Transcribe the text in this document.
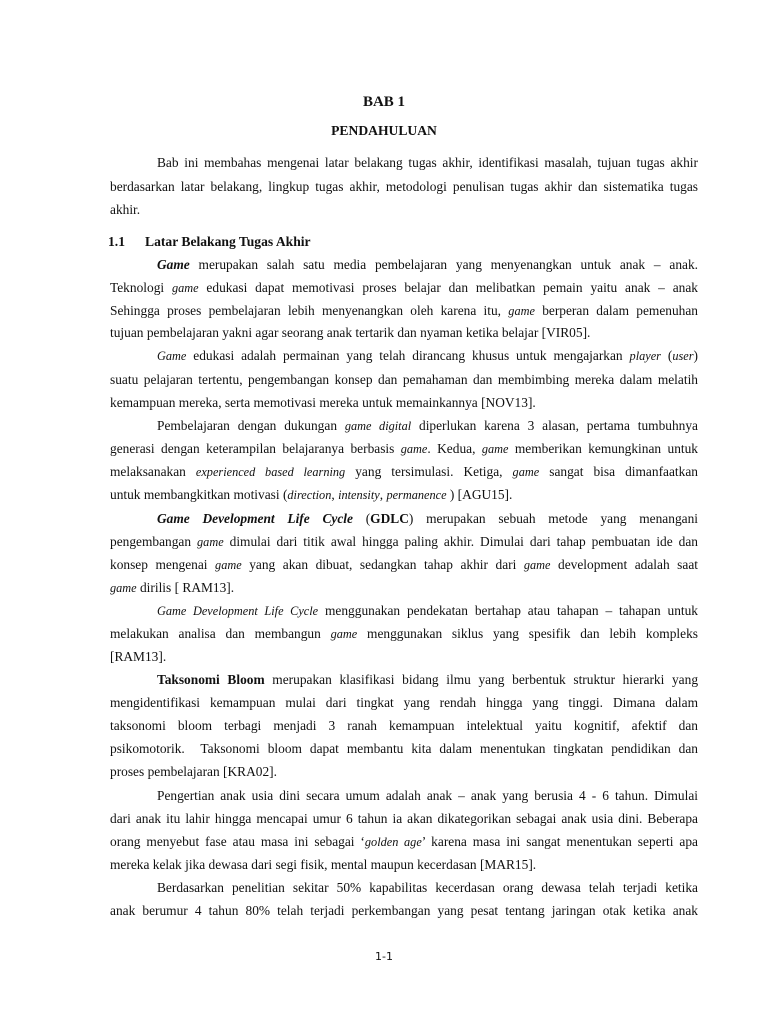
BAB 1
PENDAHULUAN
Bab ini membahas mengenai latar belakang tugas akhir, identifikasi masalah, tujuan tugas akhir
berdasarkan latar belakang, lingkup tugas akhir, metodologi penulisan tugas akhir dan sistematika tugas
akhir.
1.1 Latar Belakang Tugas Akhir
Game merupakan salah satu media pembelajaran yang menyenangkan untuk anak – anak.
Teknologi game edukasi dapat memotivasi proses belajar dan melibatkan pemain yaitu anak – anak
Sehingga proses pembelajaran lebih menyenangkan oleh karena itu, game berperan dalam pemenuhan
tujuan pembelajaran yakni agar seorang anak tertarik dan nyaman ketika belajar [VIR05].
Game edukasi adalah permainan yang telah dirancang khusus untuk mengajarkan player (user)
suatu pelajaran tertentu, pengembangan konsep dan pemahaman dan membimbing mereka dalam melatih
kemampuan mereka, serta memotivasi mereka untuk memainkannya [NOV13].
Pembelajaran dengan dukungan game digital diperlukan karena 3 alasan, pertama tumbuhnya
generasi dengan keterampilan belajaranya berbasis game. Kedua, game memberikan kemungkinan untuk
melaksanakan experienced based learning yang tersimulasi. Ketiga, game sangat bisa dimanfaatkan
untuk membangkitkan motivasi (direction, intensity, permanence ) [AGU15].
Game Development Life Cycle (GDLC) merupakan sebuah metode yang menangani
pengembangan game dimulai dari titik awal hingga paling akhir. Dimulai dari tahap pembuatan ide dan
konsep mengenai game yang akan dibuat, sedangkan tahap akhir dari game development adalah saat
game dirilis [ RAM13].
Game Development Life Cycle menggunakan pendekatan bertahap atau tahapan – tahapan untuk
melakukan analisa dan membangun game menggunakan siklus yang spesifik dan lebih kompleks
[RAM13].
Taksonomi Bloom merupakan klasifikasi bidang ilmu yang berbentuk struktur hierarki yang
mengidentifikasi kemampuan mulai dari tingkat yang rendah hingga yang tinggi. Dimana dalam
taksonomi bloom terbagi menjadi 3 ranah kemampuan intelektual yaitu kognitif, afektif dan
psikomotorik.  Taksonomi bloom dapat membantu kita dalam menentukan tingkatan pendidikan dan
proses pembelajaran [KRA02].
Pengertian anak usia dini secara umum adalah anak – anak yang berusia 4 - 6 tahun. Dimulai
dari anak itu lahir hingga mencapai umur 6 tahun ia akan dikategorikan sebagai anak usia dini. Beberapa
orang menyebut fase atau masa ini sebagai ‘golden age’ karena masa ini sangat menentukan seperti apa
mereka kelak jika dewasa dari segi fisik, mental maupun kecerdasan [MAR15].
Berdasarkan penelitian sekitar 50% kapabilitas kecerdasan orang dewasa telah terjadi ketika
anak berumur 4 tahun 80% telah terjadi perkembangan yang pesat tentang jaringan otak ketika anak
1-1
